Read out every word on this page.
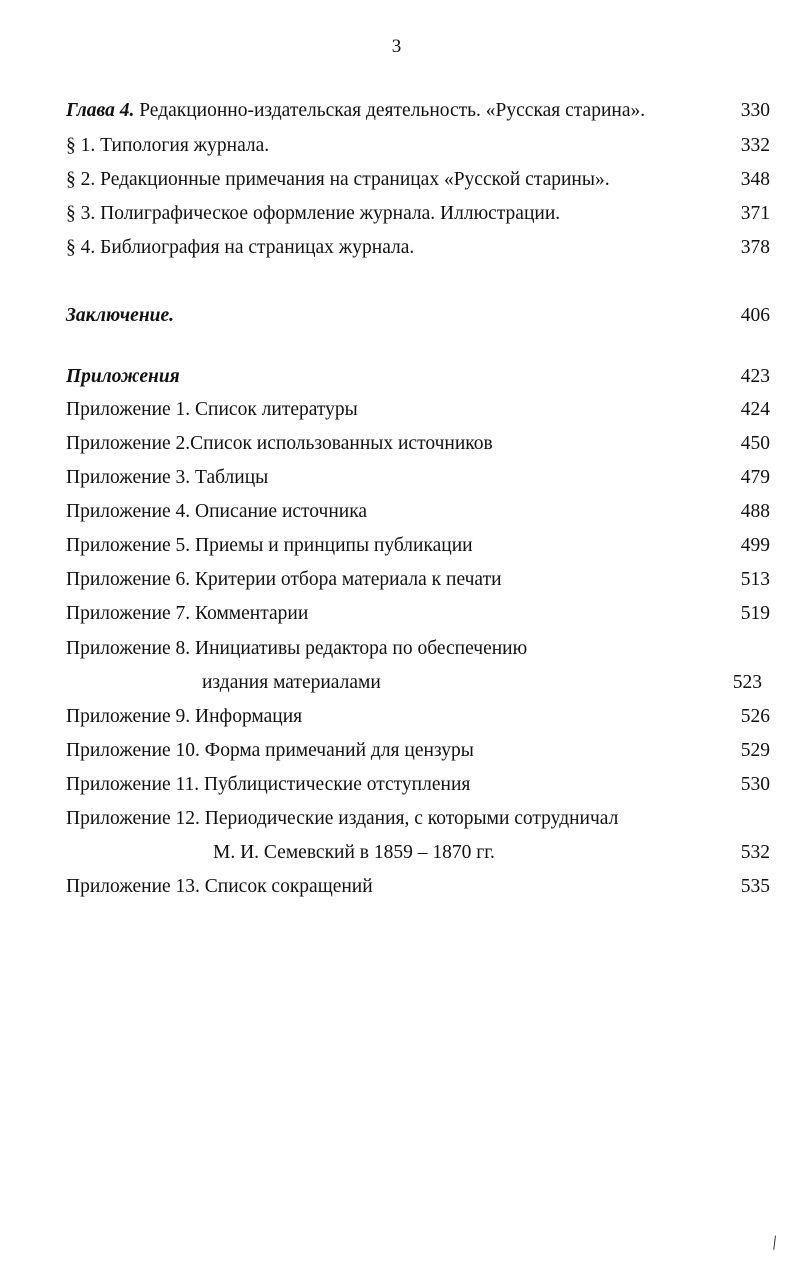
3
Глава 4. Редакционно-издательская деятельность. «Русская старина».	330
§ 1. Типология журнала.	332
§ 2. Редакционные примечания на страницах «Русской старины».	348
§ 3. Полиграфическое оформление журнала. Иллюстрации.	371
§ 4. Библиография на страницах журнала.	378
Заключение.	406
Приложения	423
Приложение 1. Список литературы	424
Приложение 2.Список использованных источников	450
Приложение 3. Таблицы	479
Приложение 4. Описание источника	488
Приложение 5. Приемы и принципы публикации	499
Приложение 6. Критерии отбора материала к печати	513
Приложение 7. Комментарии	519
Приложение 8. Инициативы редактора по обеспечению
издания материалами	523
Приложение 9. Информация	526
Приложение 10. Форма примечаний для цензуры	529
Приложение 11. Публицистические отступления	530
Приложение 12. Периодические издания, с которыми сотрудничал
М. И. Семевский в 1859 – 1870 гг.	532
Приложение 13. Список сокращений	535
/
